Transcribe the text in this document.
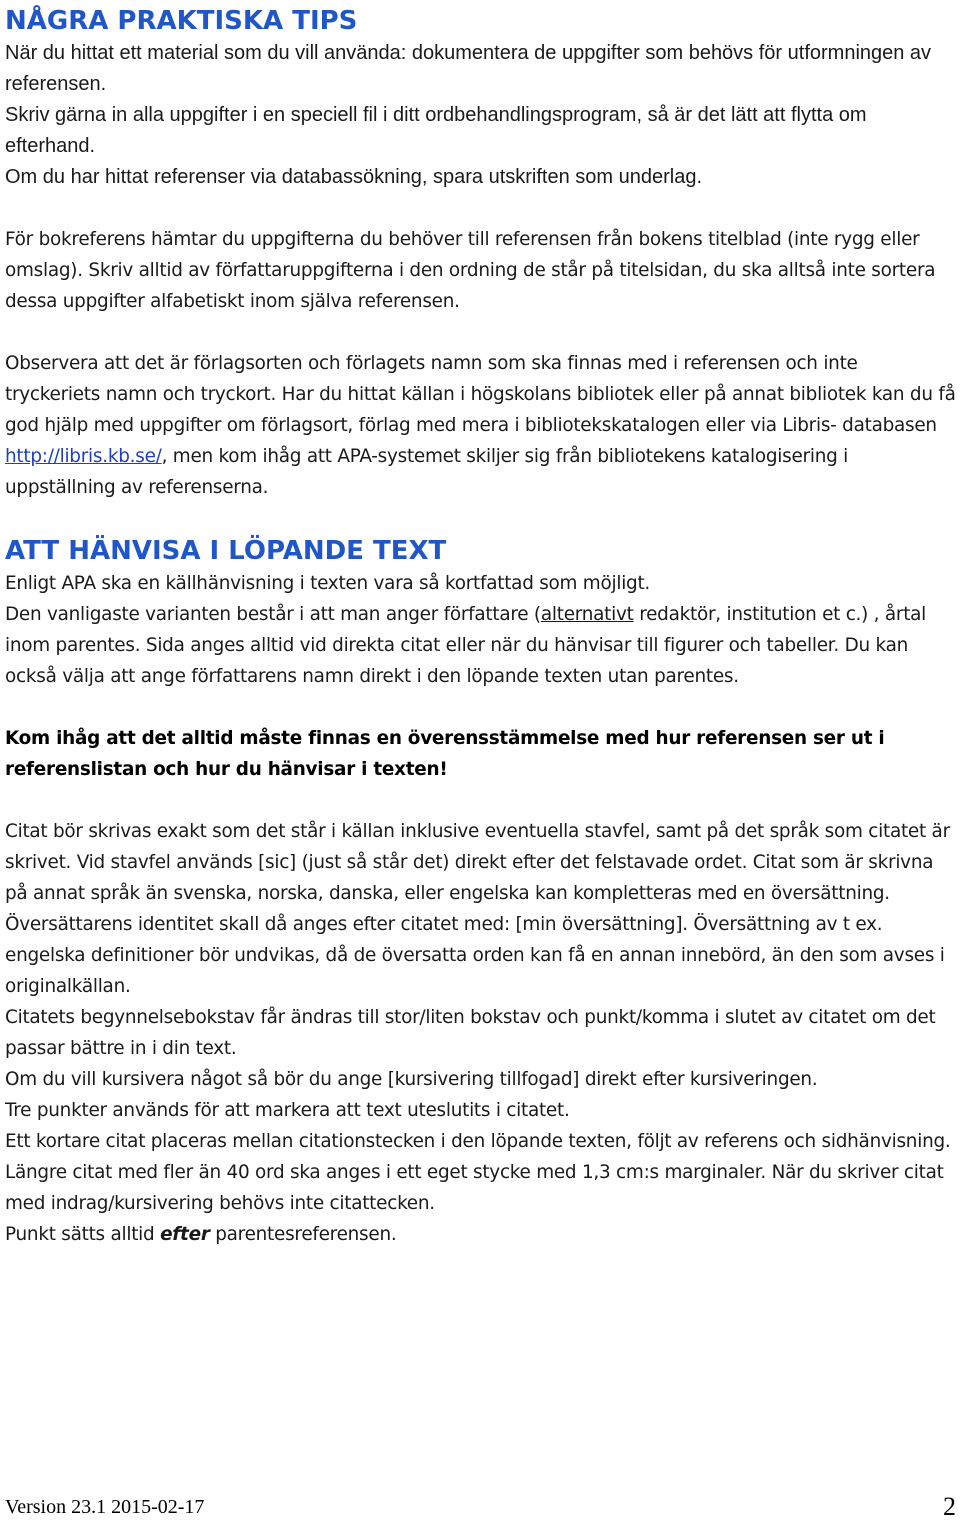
NÅGRA PRAKTISKA TIPS

När du hittat ett material som du vill använda: dokumentera de uppgifter som behövs för utformningen av referensen.

Skriv gärna in alla uppgifter i en speciell fil i ditt ordbehandlingsprogram, så är det lätt att flytta om efterhand.

Om du har hittat referenser via databassökning, spara utskriften som underlag.

För bokreferens hämtar du uppgifterna du behöver till referensen från bokens titelblad (inte rygg eller omslag). Skriv alltid av författaruppgifterna i den ordning de står på titelsidan, du ska alltså inte sortera dessa uppgifter alfabetiskt inom själva referensen.

Observera att det är förlagsorten och förlagets namn som ska finnas med i referensen och inte tryckeriets namn och tryckort. Har du hittat källan i högskolans bibliotek eller på annat bibliotek kan du få god hjälp med uppgifter om förlagsort, förlag med mera i bibliotekskatalogen eller via Libris- databasen http://libris.kb.se/, men kom ihåg att APA-systemet skiljer sig från bibliotekens katalogisering i uppställning av referenserna.

ATT HÄNVISA I LÖPANDE TEXT

Enligt APA ska en källhänvisning i texten vara så kortfattad som möjligt.

Den vanligaste varianten består i att man anger författare (alternativt redaktör, institution et c.) , årtal inom parentes. Sida anges alltid vid direkta citat eller när du hänvisar till figurer och tabeller. Du kan också välja att ange författarens namn direkt i den löpande texten utan parentes.

Kom ihåg att det alltid måste finnas en överensstämmelse med hur referensen ser ut i referenslistan och hur du hänvisar i texten!

Citat bör skrivas exakt som det står i källan inklusive eventuella stavfel, samt på det språk som citatet är skrivet. Vid stavfel används [sic] (just så står det) direkt efter det felstavade ordet. Citat som är skrivna på annat språk än svenska, norska, danska, eller engelska kan kompletteras med en översättning. Översättarens identitet skall då anges efter citatet med: [min översättning]. Översättning av t ex. engelska definitioner bör undvikas, då de översatta orden kan få en annan innebörd, än den som avses i originalkällan.

Citatets begynnelsebokstav får ändras till stor/liten bokstav och punkt/komma i slutet av citatet om det passar bättre in i din text.

Om du vill kursivera något så bör du ange [kursivering tillfogad] direkt efter kursiveringen.

Tre punkter används för att markera att text uteslutits i citatet.

Ett kortare citat placeras mellan citationstecken i den löpande texten, följt av referens och sidhänvisning. Längre citat med fler än 40 ord ska anges i ett eget stycke med 1,3 cm:s marginaler. När du skriver citat med indrag/kursivering behövs inte citattecken.

Punkt sätts alltid efter parentesreferensen.

Version 23.1 2015-02-17	2
